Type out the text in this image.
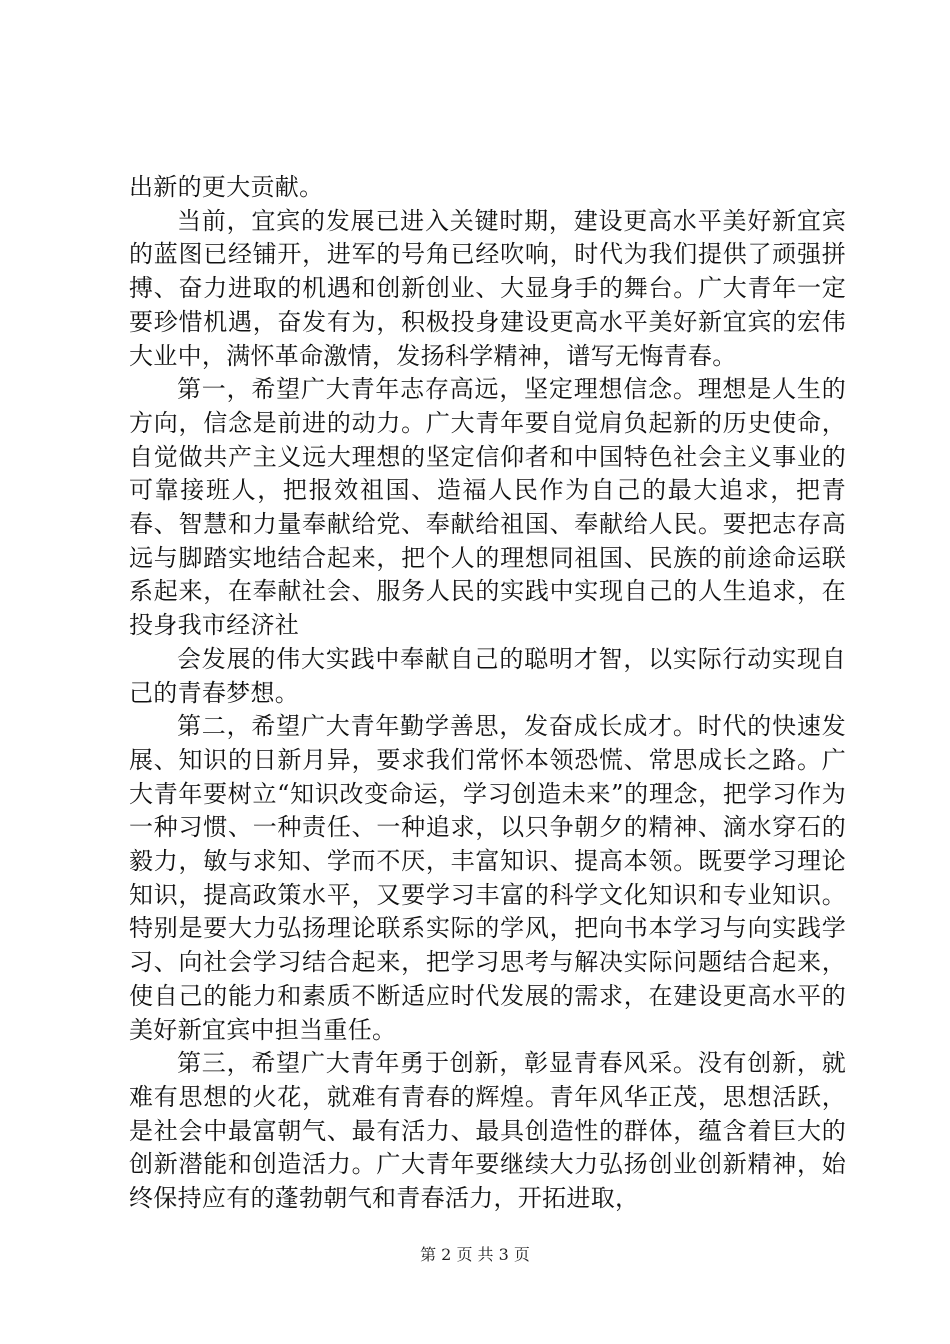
出新的更大贡献。

当前，宜宾的发展已进入关键时期，建设更高水平美好新宜宾的蓝图已经铺开，进军的号角已经吹响，时代为我们提供了顽强拼搏、奋力进取的机遇和创新创业、大显身手的舞台。广大青年一定要珍惜机遇，奋发有为，积极投身建设更高水平美好新宜宾的宏伟大业中，满怀革命激情，发扬科学精神，谱写无悔青春。

第一，希望广大青年志存高远，坚定理想信念。理想是人生的方向，信念是前进的动力。广大青年要自觉肩负起新的历史使命，自觉做共产主义远大理想的坚定信仰者和中国特色社会主义事业的可靠接班人，把报效祖国、造福人民作为自己的最大追求，把青春、智慧和力量奉献给党、奉献给祖国、奉献给人民。要把志存高远与脚踏实地结合起来，把个人的理想同祖国、民族的前途命运联系起来，在奉献社会、服务人民的实践中实现自己的人生追求，在投身我市经济社

会发展的伟大实践中奉献自己的聪明才智，以实际行动实现自己的青春梦想。

第二，希望广大青年勤学善思，发奋成长成才。时代的快速发展、知识的日新月异，要求我们常怀本领恐慌、常思成长之路。广大青年要树立“知识改变命运，学习创造未来”的理念，把学习作为一种习惯、一种责任、一种追求，以只争朝夕的精神、滴水穿石的毅力，敏与求知、学而不厌，丰富知识、提高本领。既要学习理论知识，提高政策水平，又要学习丰富的科学文化知识和专业知识。特别是要大力弘扬理论联系实际的学风，把向书本学习与向实践学习、向社会学习结合起来，把学习思考与解决实际问题结合起来，使自己的能力和素质不断适应时代发展的需求，在建设更高水平的美好新宜宾中担当重任。

第三，希望广大青年勇于创新，彰显青春风采。没有创新，就难有思想的火花，就难有青春的辉煌。青年风华正茂，思想活跃，是社会中最富朝气、最有活力、最具创造性的群体，蕴含着巨大的创新潜能和创造活力。广大青年要继续大力弘扬创业创新精神，始终保持应有的蓬勃朝气和青春活力，开拓进取，

第 2 页 共 3 页
